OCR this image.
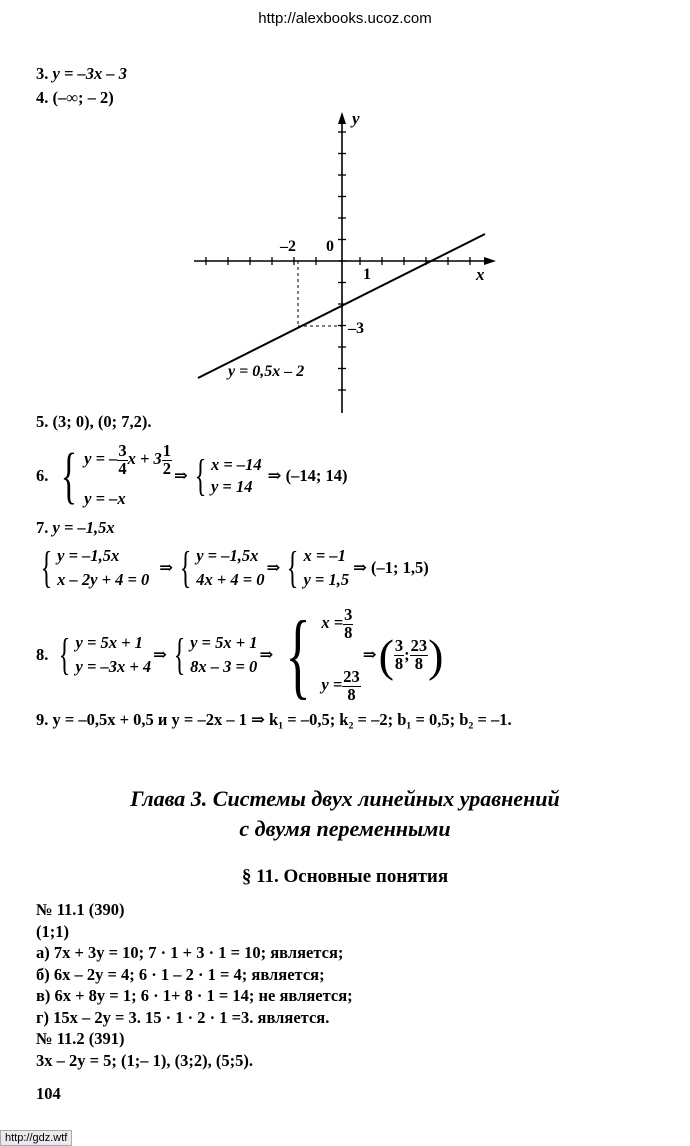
http://alexbooks.ucoz.com
3. y = –3x – 3
4. (–∞; – 2)
y
x
–2 0
1
–3
y = 0,5x – 2
5. (3; 0), (0; 7,2).
6. { y = – $\frac{3}{4}$ $x + 3 \frac{1}{2}$
y = –x
⇒ { x = –14
y = 14
⇒ (–14; 14)
7. y = –1,5x
{ y = –1,5x
x – 2y + 4 = 0
⇒ { y = –1,5x
4x + 4 = 0
⇒ { x = –1
y = 1,5
⇒ (–1; 1,5)
8. { y = 5x + 1
y = –3x + 4
⇒ { y = 5x + 1
8x – 3 = 0
⇒ { $x = \frac{3}{8}$
$y = \frac{23}{8}$
⇒ ( $\frac{3}{8}$ ; $\frac{23}{8}$ )
9. y = –0,5x + 0,5 и y = –2x – 1 ⇒ k₁ = –0,5; k₂ = –2; b₁ = 0,5; b₂ = –1.
Глава 3. Системы двух линейных уравнений
с двумя переменными
§ 11. Основные понятия
№ 11.1 (390)
(1;1)
а) 7x + 3y = 10; 7 · 1 + 3 · 1 = 10; является;
б) 6x – 2y = 4; 6 · 1 – 2 · 1 = 4; является;
в) 6x + 8y = 1; 6 · 1+ 8 · 1 = 14; не является;
г) 15x – 2y = 3. 15 · 1 · 2 · 1 =3. является.
№ 11.2 (391)
3x – 2y = 5; (1;– 1), (3;2), (5;5).
104
http://gdz.wtf
